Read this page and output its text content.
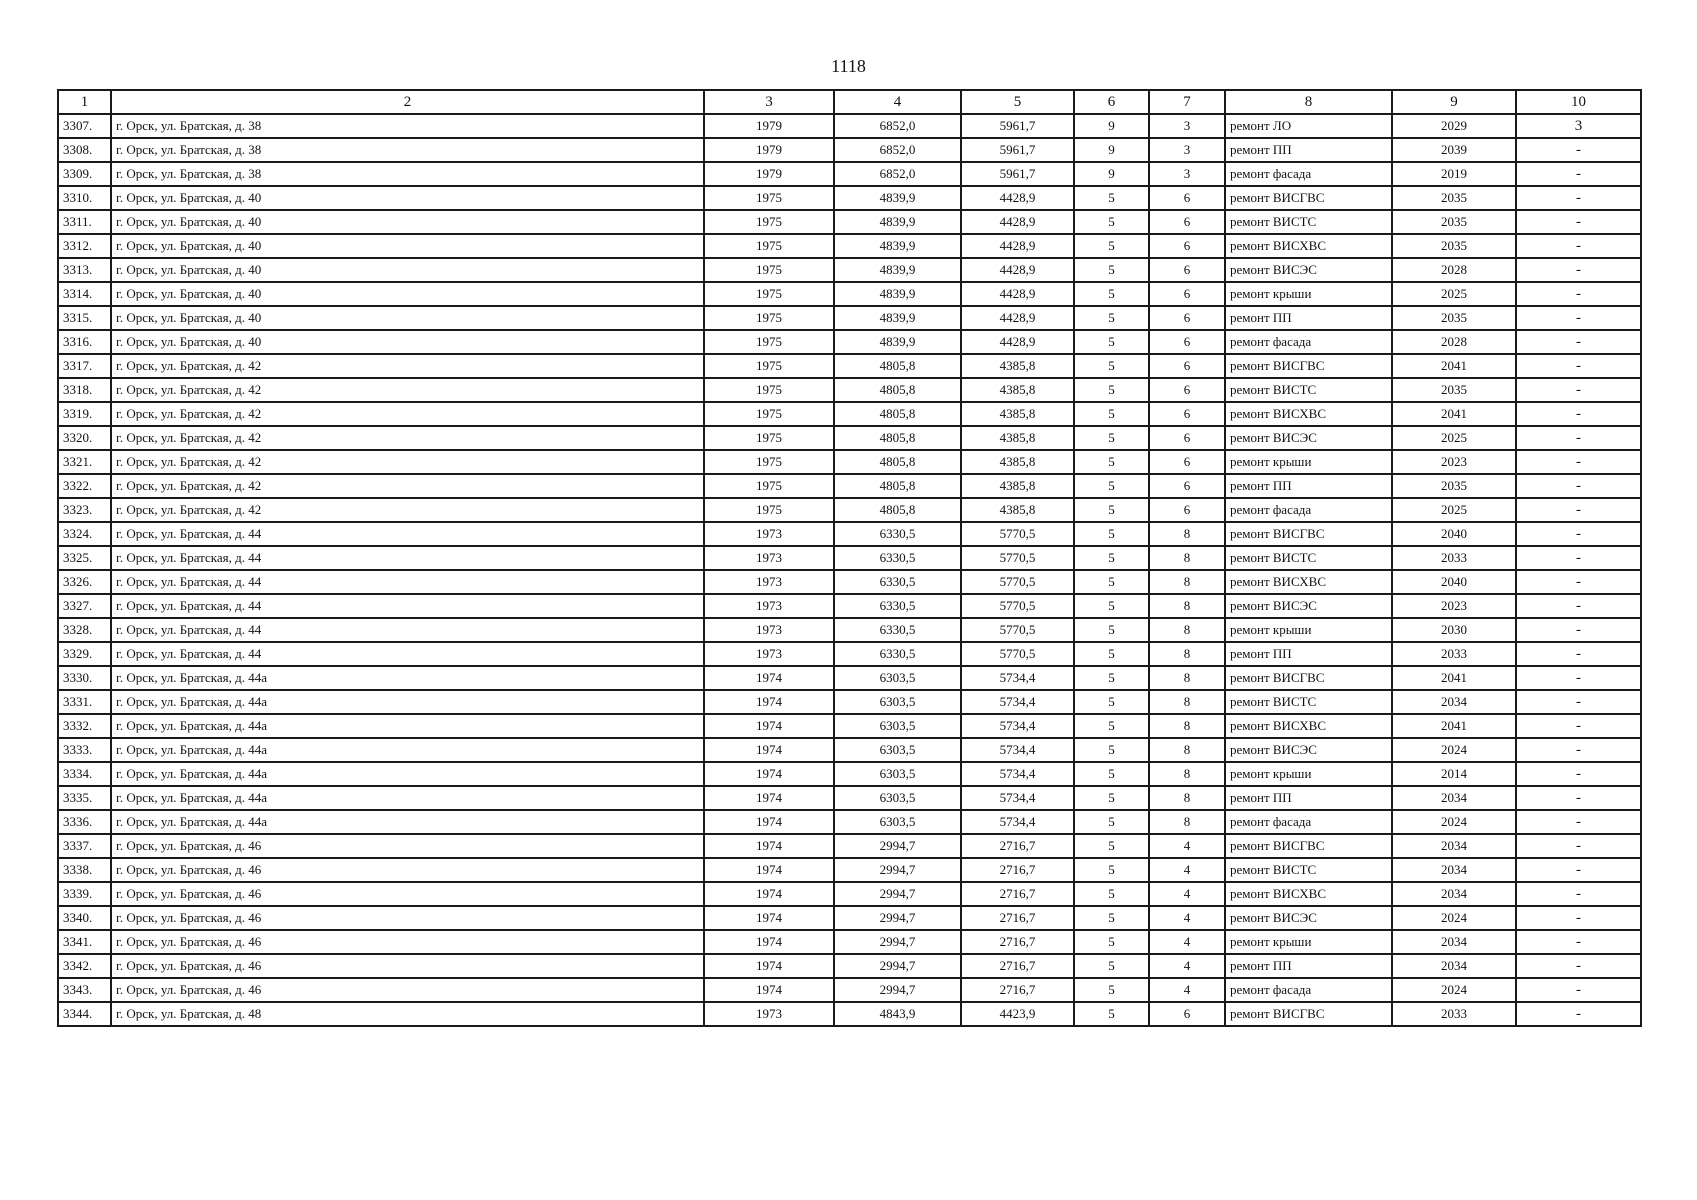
1118
1	2	3	4	5	6	7	8	9	10
3307.	г. Орск, ул. Братская, д. 38	1979	6852,0	5961,7	9	3	ремонт ЛО	2029	3
3308.	г. Орск, ул. Братская, д. 38	1979	6852,0	5961,7	9	3	ремонт ПП	2039	-
3309.	г. Орск, ул. Братская, д. 38	1979	6852,0	5961,7	9	3	ремонт фасада	2019	-
3310.	г. Орск, ул. Братская, д. 40	1975	4839,9	4428,9	5	6	ремонт ВИСГВС	2035	-
3311.	г. Орск, ул. Братская, д. 40	1975	4839,9	4428,9	5	6	ремонт ВИСТС	2035	-
3312.	г. Орск, ул. Братская, д. 40	1975	4839,9	4428,9	5	6	ремонт ВИСХВС	2035	-
3313.	г. Орск, ул. Братская, д. 40	1975	4839,9	4428,9	5	6	ремонт ВИСЭС	2028	-
3314.	г. Орск, ул. Братская, д. 40	1975	4839,9	4428,9	5	6	ремонт крыши	2025	-
3315.	г. Орск, ул. Братская, д. 40	1975	4839,9	4428,9	5	6	ремонт ПП	2035	-
3316.	г. Орск, ул. Братская, д. 40	1975	4839,9	4428,9	5	6	ремонт фасада	2028	-
3317.	г. Орск, ул. Братская, д. 42	1975	4805,8	4385,8	5	6	ремонт ВИСГВС	2041	-
3318.	г. Орск, ул. Братская, д. 42	1975	4805,8	4385,8	5	6	ремонт ВИСТС	2035	-
3319.	г. Орск, ул. Братская, д. 42	1975	4805,8	4385,8	5	6	ремонт ВИСХВС	2041	-
3320.	г. Орск, ул. Братская, д. 42	1975	4805,8	4385,8	5	6	ремонт ВИСЭС	2025	-
3321.	г. Орск, ул. Братская, д. 42	1975	4805,8	4385,8	5	6	ремонт крыши	2023	-
3322.	г. Орск, ул. Братская, д. 42	1975	4805,8	4385,8	5	6	ремонт ПП	2035	-
3323.	г. Орск, ул. Братская, д. 42	1975	4805,8	4385,8	5	6	ремонт фасада	2025	-
3324.	г. Орск, ул. Братская, д. 44	1973	6330,5	5770,5	5	8	ремонт ВИСГВС	2040	-
3325.	г. Орск, ул. Братская, д. 44	1973	6330,5	5770,5	5	8	ремонт ВИСТС	2033	-
3326.	г. Орск, ул. Братская, д. 44	1973	6330,5	5770,5	5	8	ремонт ВИСХВС	2040	-
3327.	г. Орск, ул. Братская, д. 44	1973	6330,5	5770,5	5	8	ремонт ВИСЭС	2023	-
3328.	г. Орск, ул. Братская, д. 44	1973	6330,5	5770,5	5	8	ремонт крыши	2030	-
3329.	г. Орск, ул. Братская, д. 44	1973	6330,5	5770,5	5	8	ремонт ПП	2033	-
3330.	г. Орск, ул. Братская, д. 44а	1974	6303,5	5734,4	5	8	ремонт ВИСГВС	2041	-
3331.	г. Орск, ул. Братская, д. 44а	1974	6303,5	5734,4	5	8	ремонт ВИСТС	2034	-
3332.	г. Орск, ул. Братская, д. 44а	1974	6303,5	5734,4	5	8	ремонт ВИСХВС	2041	-
3333.	г. Орск, ул. Братская, д. 44а	1974	6303,5	5734,4	5	8	ремонт ВИСЭС	2024	-
3334.	г. Орск, ул. Братская, д. 44а	1974	6303,5	5734,4	5	8	ремонт крыши	2014	-
3335.	г. Орск, ул. Братская, д. 44а	1974	6303,5	5734,4	5	8	ремонт ПП	2034	-
3336.	г. Орск, ул. Братская, д. 44а	1974	6303,5	5734,4	5	8	ремонт фасада	2024	-
3337.	г. Орск, ул. Братская, д. 46	1974	2994,7	2716,7	5	4	ремонт ВИСГВС	2034	-
3338.	г. Орск, ул. Братская, д. 46	1974	2994,7	2716,7	5	4	ремонт ВИСТС	2034	-
3339.	г. Орск, ул. Братская, д. 46	1974	2994,7	2716,7	5	4	ремонт ВИСХВС	2034	-
3340.	г. Орск, ул. Братская, д. 46	1974	2994,7	2716,7	5	4	ремонт ВИСЭС	2024	-
3341.	г. Орск, ул. Братская, д. 46	1974	2994,7	2716,7	5	4	ремонт крыши	2034	-
3342.	г. Орск, ул. Братская, д. 46	1974	2994,7	2716,7	5	4	ремонт ПП	2034	-
3343.	г. Орск, ул. Братская, д. 46	1974	2994,7	2716,7	5	4	ремонт фасада	2024	-
3344.	г. Орск, ул. Братская, д. 48	1973	4843,9	4423,9	5	6	ремонт ВИСГВС	2033	-
